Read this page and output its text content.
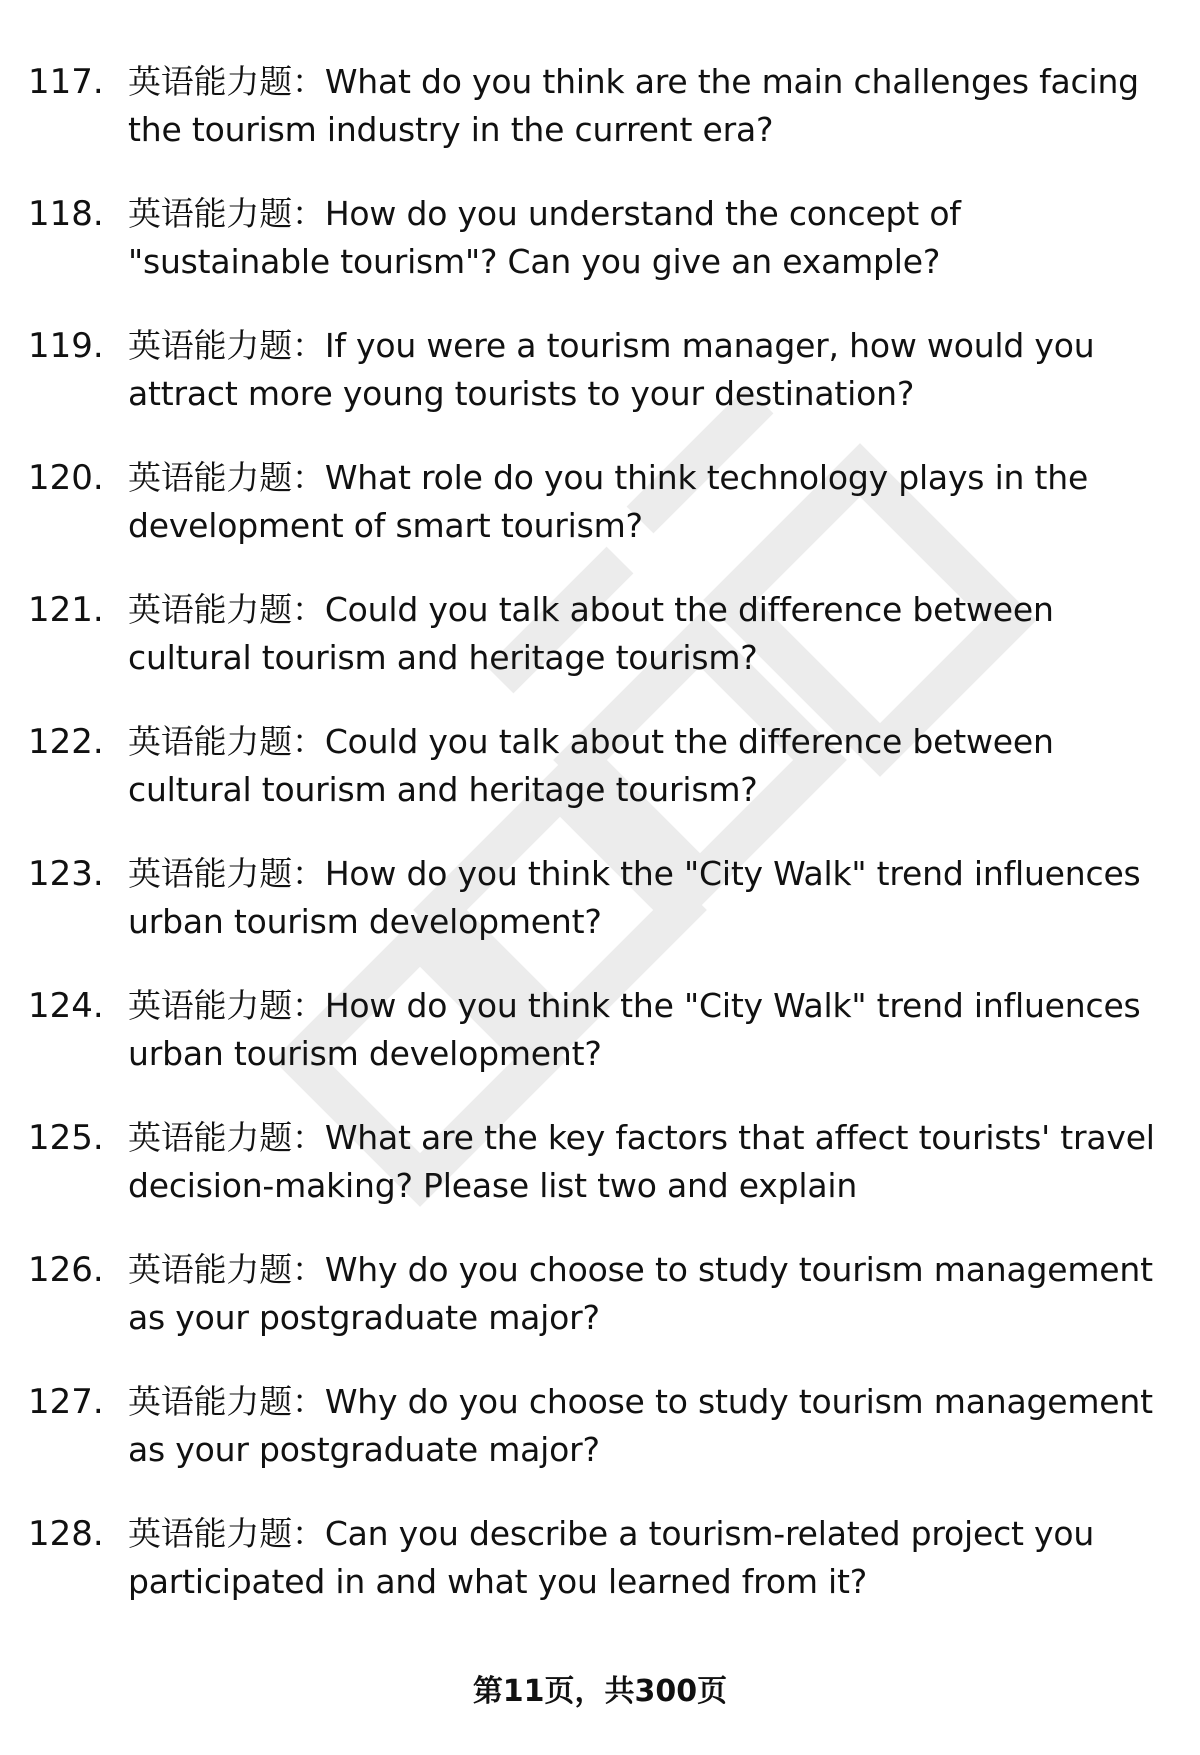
117. 英语能力题：What do you think are the main challenges facing the tourism industry in the current era?
118. 英语能力题：How do you understand the concept of "sustainable tourism"? Can you give an example?
119. 英语能力题：If you were a tourism manager, how would you attract more young tourists to your destination?
120. 英语能力题：What role do you think technology plays in the development of smart tourism?
121. 英语能力题：Could you talk about the difference between cultural tourism and heritage tourism?
122. 英语能力题：Could you talk about the difference between cultural tourism and heritage tourism?
123. 英语能力题：How do you think the "City Walk" trend influences urban tourism development?
124. 英语能力题：How do you think the "City Walk" trend influences urban tourism development?
125. 英语能力题：What are the key factors that affect tourists' travel decision-making? Please list two and explain
126. 英语能力题：Why do you choose to study tourism management as your postgraduate major?
127. 英语能力题：Why do you choose to study tourism management as your postgraduate major?
128. 英语能力题：Can you describe a tourism-related project you participated in and what you learned from it?
第11页，共300页
